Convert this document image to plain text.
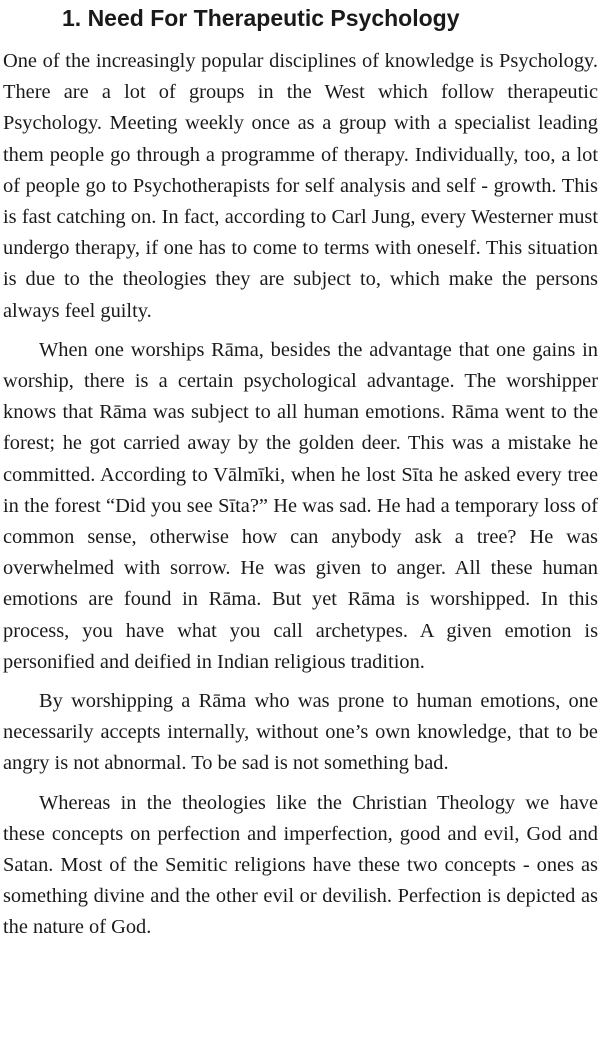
1. Need For Therapeutic Psychology

One of the increasingly popular disciplines of knowledge is Psychology. There are a lot of groups in the West which follow therapeutic Psychology. Meeting weekly once as a group with a specialist leading them people go through a programme of therapy. Individually, too, a lot of people go to Psychotherapists for self analysis and self - growth. This is fast catching on. In fact, according to Carl Jung, every Westerner must undergo therapy, if one has to come to terms with oneself. This situation is due to the theologies they are subject to, which make the persons always feel guilty.

When one worships Rāma, besides the advantage that one gains in worship, there is a certain psychological advantage. The worshipper knows that Rāma was subject to all human emotions. Rāma went to the forest; he got carried away by the golden deer. This was a mistake he committed. According to Vālmīki, when he lost Sīta he asked every tree in the forest “Did you see Sīta?” He was sad. He had a temporary loss of common sense, otherwise how can anybody ask a tree? He was overwhelmed with sorrow. He was given to anger. All these human emotions are found in Rāma. But yet Rāma is worshipped. In this process, you have what you call archetypes. A given emotion is personified and deified in Indian religious tradition.

By worshipping a Rāma who was prone to human emotions, one necessarily accepts internally, without one’s own knowledge, that to be angry is not abnormal. To be sad is not something bad.

Whereas in the theologies like the Christian Theology we have these concepts on perfection and imperfection, good and evil, God and Satan. Most of the Semitic religions have these two concepts - ones as something divine and the other evil or devilish. Perfection is depicted as the nature of God.
